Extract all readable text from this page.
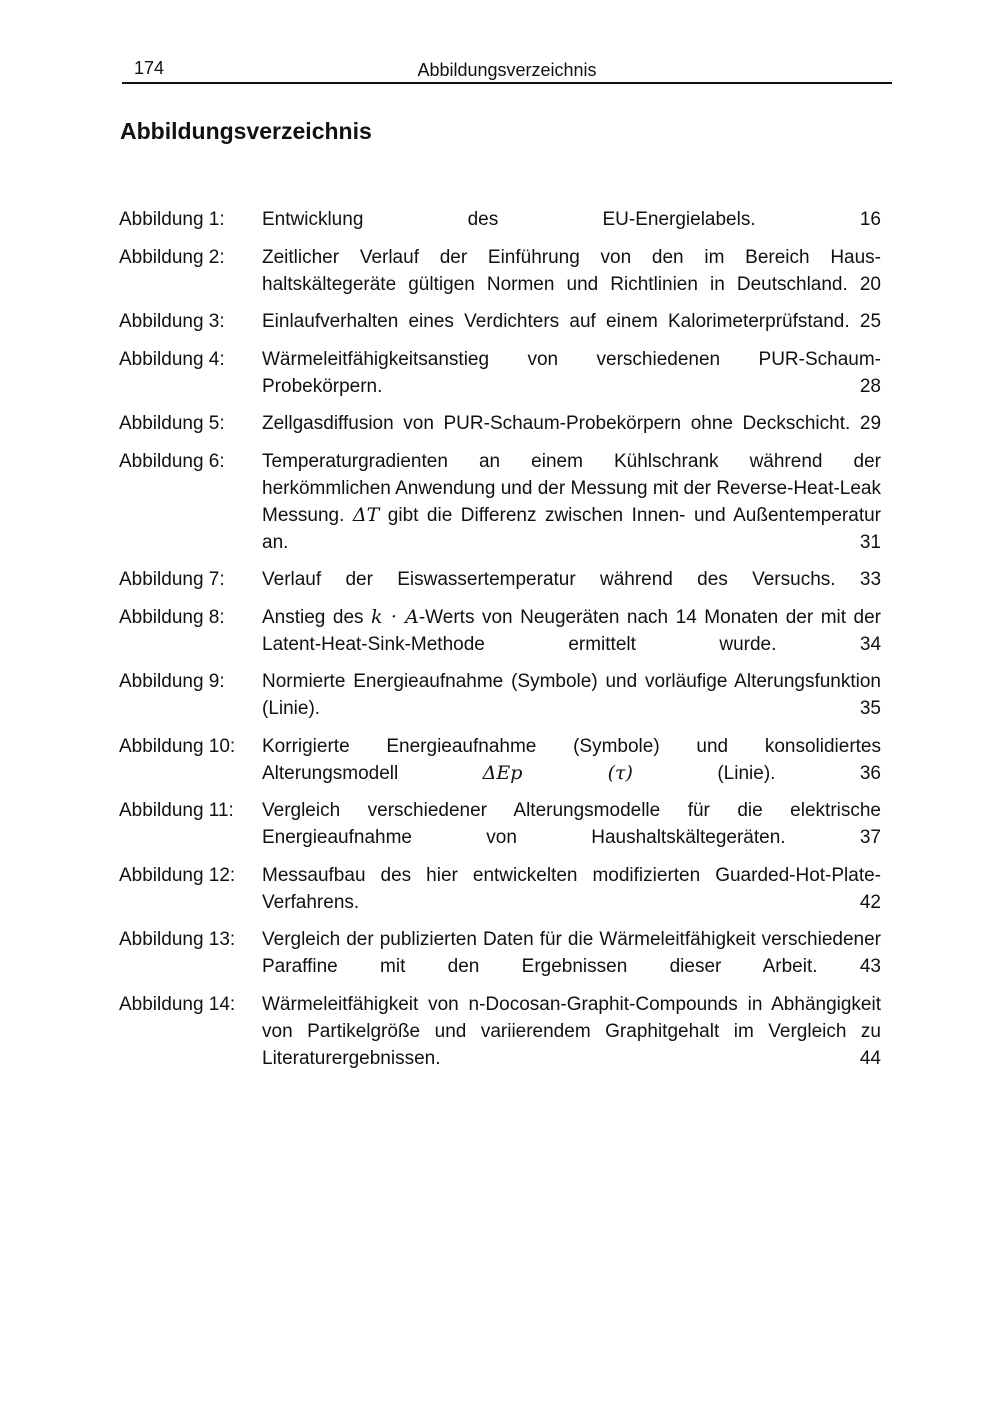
174	Abbildungsverzeichnis
Abbildungsverzeichnis
Abbildung 1:	Entwicklung des EU-Energielabels.	16
Abbildung 2:	Zeitlicher Verlauf der Einführung von den im Bereich Haus-haltskältegeräte gültigen Normen und Richtlinien in Deutschland. 20
Abbildung 3:	Einlaufverhalten eines Verdichters auf einem Kalorimeterprüfstand. 25
Abbildung 4:	Wärmeleitfähigkeitsanstieg von verschiedenen PUR-Schaum-Probekörpern.	28
Abbildung 5:	Zellgasdiffusion von PUR-Schaum-Probekörpern ohne Deckschicht. 29
Abbildung 6:	Temperaturgradienten an einem Kühlschrank während der herkömmlichen Anwendung und der Messung mit der Reverse-Heat-Leak Messung. ΔT gibt die Differenz zwischen Innen- und Außentemperatur an.	31
Abbildung 7:	Verlauf der Eiswassertemperatur während des Versuchs. 33
Abbildung 8:	Anstieg des k · A-Werts von Neugeräten nach 14 Monaten der mit der Latent-Heat-Sink-Methode ermittelt wurde.	34
Abbildung 9:	Normierte Energieaufnahme (Symbole) und vorläufige Alterungsfunktion (Linie).	35
Abbildung 10:	Korrigierte Energieaufnahme (Symbole) und konsolidiertes Alterungsmodell ΔEp (τ) (Linie).	36
Abbildung 11:	Vergleich verschiedener Alterungsmodelle für die elektrische Energieaufnahme von Haushaltskältegeräten.	37
Abbildung 12:	Messaufbau des hier entwickelten modifizierten Guarded-Hot-Plate-Verfahrens.	42
Abbildung 13:	Vergleich der publizierten Daten für die Wärmeleitfähigkeit verschiedener Paraffine mit den Ergebnissen dieser Arbeit. 43
Abbildung 14:	Wärmeleitfähigkeit von n-Docosan-Graphit-Compounds in Abhängigkeit von Partikelgröße und variierendem Graphitgehalt im Vergleich zu Literaturergebnissen.	44
